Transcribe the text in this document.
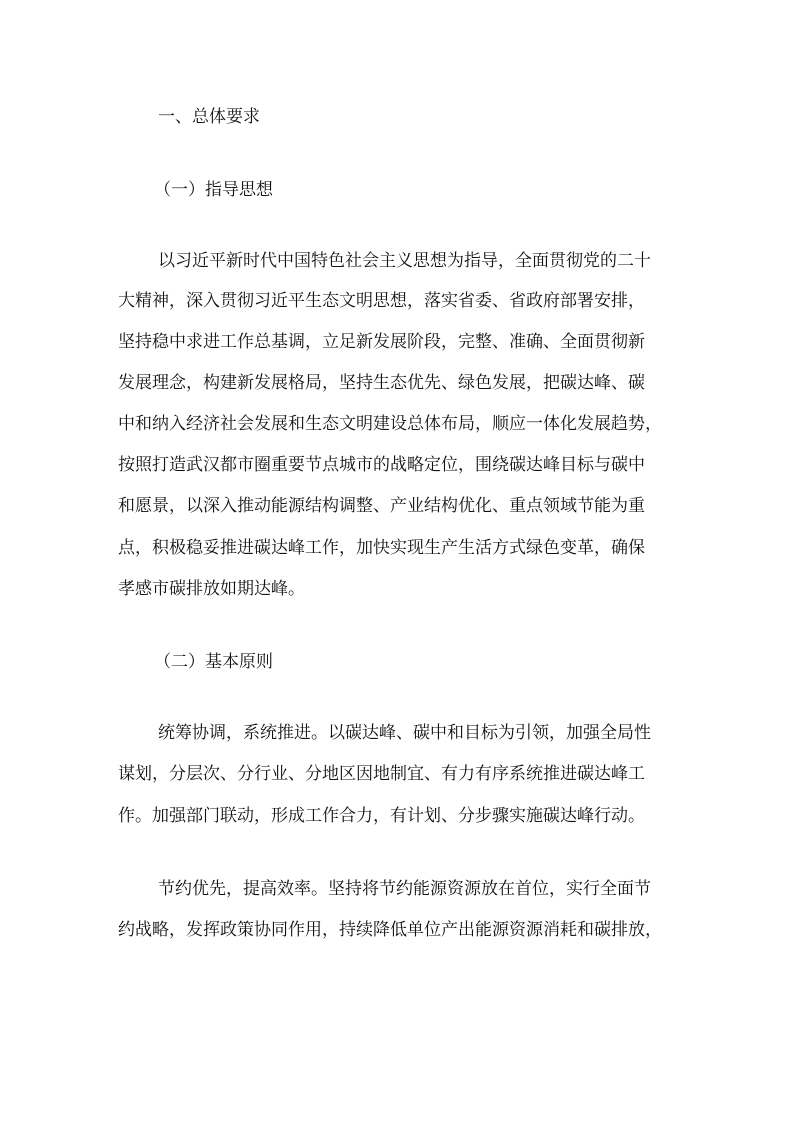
一、总体要求

（一）指导思想

以习近平新时代中国特色社会主义思想为指导，全面贯彻党的二十

大精神，深入贯彻习近平生态文明思想，落实省委、省政府部署安排，

坚持稳中求进工作总基调，立足新发展阶段，完整、准确、全面贯彻新

发展理念，构建新发展格局，坚持生态优先、绿色发展，把碳达峰、碳

中和纳入经济社会发展和生态文明建设总体布局，顺应一体化发展趋势，

按照打造武汉都市圈重要节点城市的战略定位，围绕碳达峰目标与碳中

和愿景，以深入推动能源结构调整、产业结构优化、重点领域节能为重

点，积极稳妥推进碳达峰工作，加快实现生产生活方式绿色变革，确保

孝感市碳排放如期达峰。

（二）基本原则

统筹协调，系统推进。以碳达峰、碳中和目标为引领，加强全局性

谋划，分层次、分行业、分地区因地制宜、有力有序系统推进碳达峰工

作。加强部门联动，形成工作合力，有计划、分步骤实施碳达峰行动。

节约优先，提高效率。坚持将节约能源资源放在首位，实行全面节

约战略，发挥政策协同作用，持续降低单位产出能源资源消耗和碳排放，
